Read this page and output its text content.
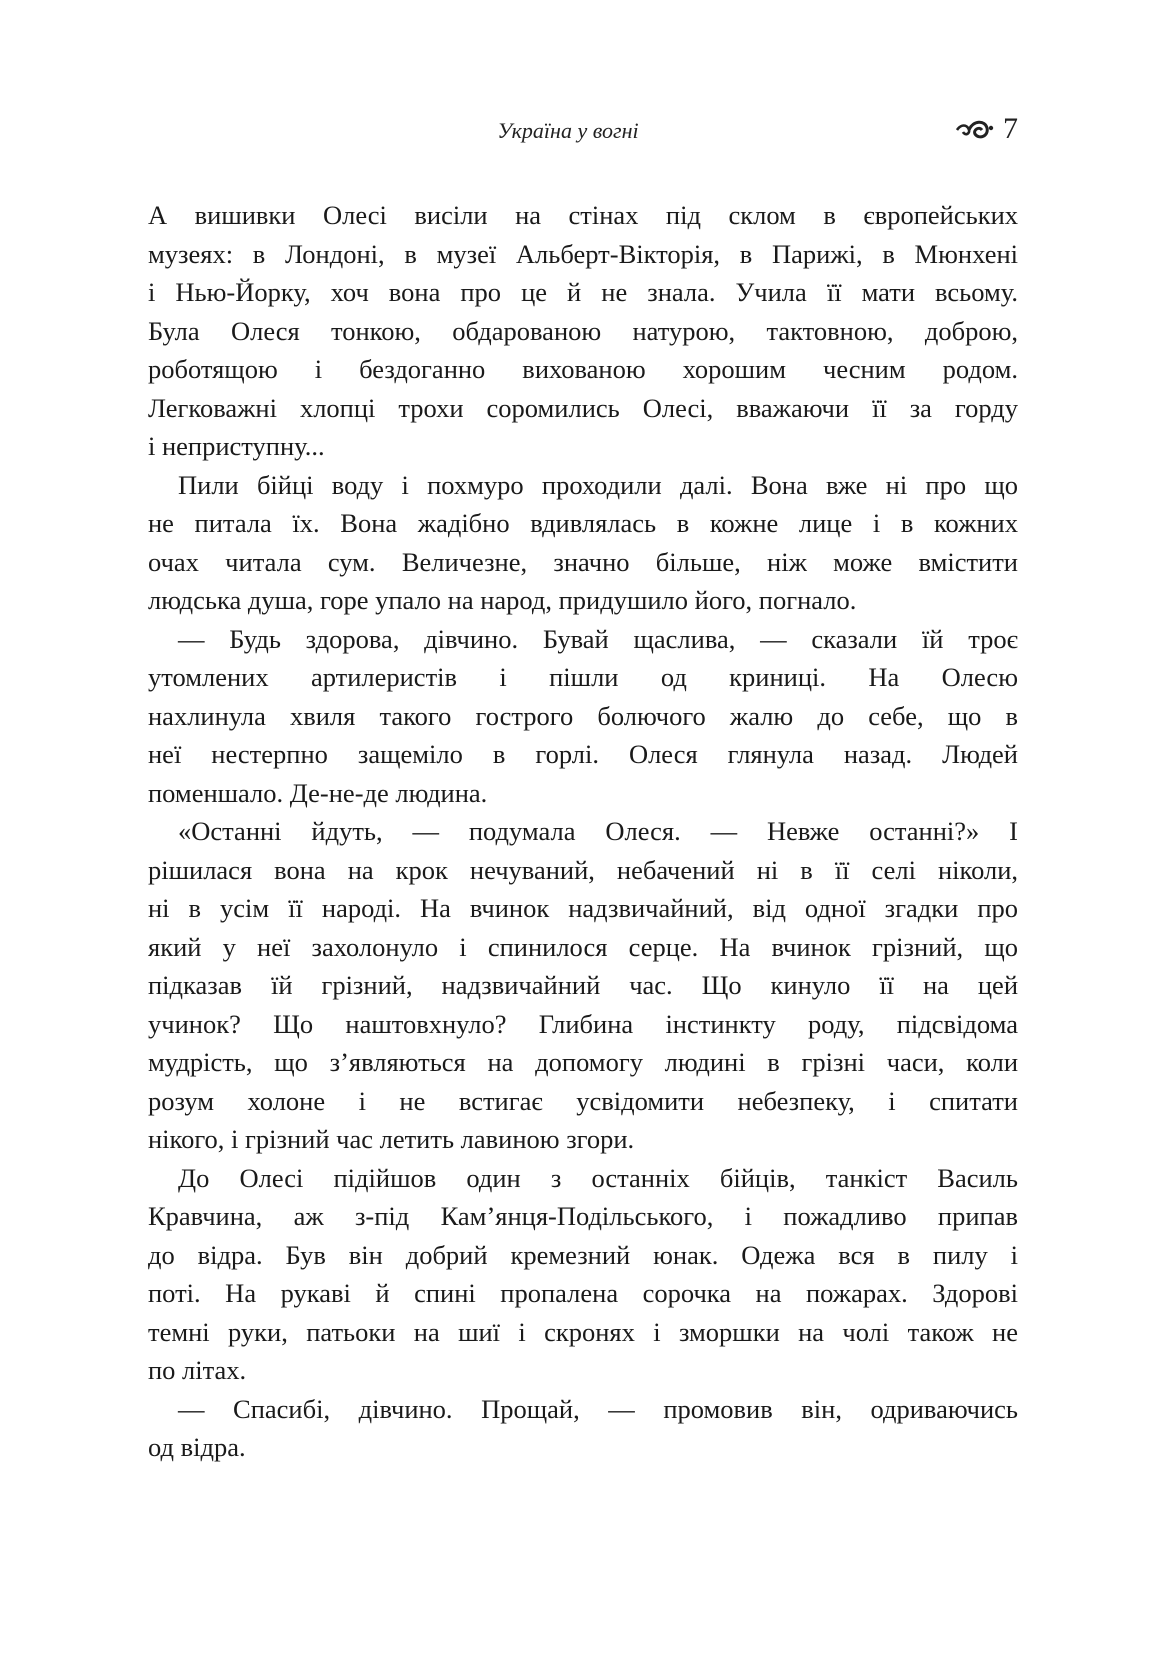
Україна у вогні	7
А вишивки Олесі висіли на стінах під склом в європейських
музеях: в Лондоні, в музеї Альберт-Вікторія, в Парижі, в Мюнхені
і Нью-Йорку, хоч вона про це й не знала. Учила її мати всьому.
Була Олеся тонкою, обдарованою натурою, тактовною, доброю,
роботящою і бездоганно вихованою хорошим чесним родом.
Легковажні хлопці трохи соромились Олесі, вважаючи її за горду
і неприступну...
Пили бійці воду і похмуро проходили далі. Вона вже ні про що
не питала їх. Вона жадібно вдивлялась в кожне лице і в кожних
очах читала сум. Величезне, значно більше, ніж може вмістити
людська душа, горе упало на народ, придушило його, погнало.
— Будь здорова, дівчино. Бувай щаслива, — сказали їй троє
утомлених артилеристів і пішли од криниці. На Олесю
нахлинула хвиля такого гострого болючого жалю до себе, що в
неї нестерпно защеміло в горлі. Олеся глянула назад. Людей
поменшало. Де-не-де людина.
«Останні йдуть, — подумала Олеся. — Невже останні?» І
рішилася вона на крок нечуваний, небачений ні в її селі ніколи,
ні в усім її народі. На вчинок надзвичайний, від одної згадки про
який у неї захолонуло і спинилося серце. На вчинок грізний, що
підказав їй грізний, надзвичайний час. Що кинуло її на цей
учинок? Що наштовхнуло? Глибина інстинкту роду, підсвідома
мудрість, що з’являються на допомогу людині в грізні часи, коли
розум холоне і не встигає усвідомити небезпеку, і спитати
нікого, і грізний час летить лавиною згори.
До Олесі підійшов один з останніх бійців, танкіст Василь
Кравчина, аж з-під Кам’янця-Подільського, і пожадливо припав
до відра. Був він добрий кремезний юнак. Одежа вся в пилу і
поті. На рукаві й спині пропалена сорочка на пожарах. Здорові
темні руки, патьоки на шиї і скронях і зморшки на чолі також не
по літах.
— Спасибі, дівчино. Прощай, — промовив він, одриваючись
од відра.
